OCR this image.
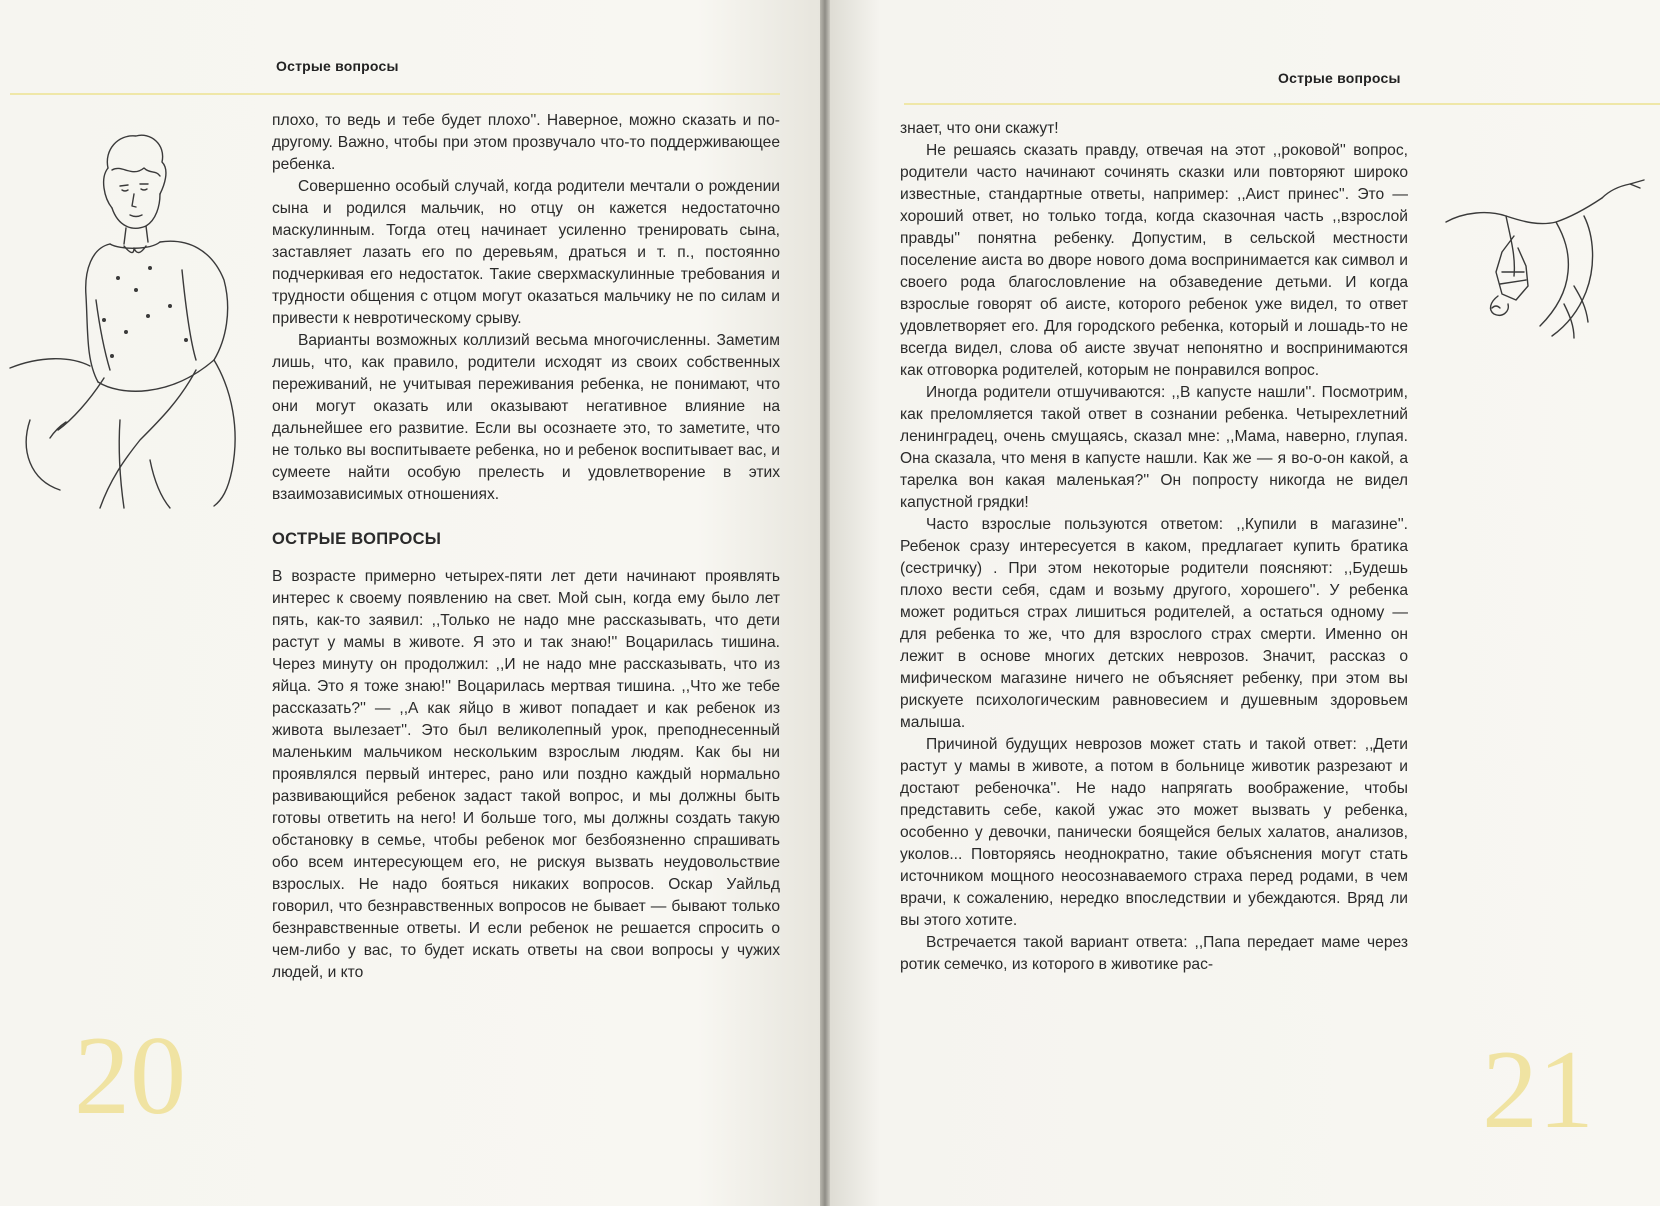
Острые вопросы

плохо, то ведь и тебе будет плохо''. Наверное, можно сказать и по-другому. Важно, чтобы при этом прозвучало что-то поддерживающее ребенка.

Совершенно особый случай, когда родители мечтали о рождении сына и родился мальчик, но отцу он кажется недостаточно маскулинным. Тогда отец начинает усиленно тренировать сына, заставляет лазать его по деревьям, драться и т. п., постоянно подчеркивая его недостаток. Такие сверхмаскулинные требования и трудности общения с отцом могут оказаться мальчику не по силам и привести к невротическому срыву.

Варианты возможных коллизий весьма многочисленны. Заметим лишь, что, как правило, родители исходят из своих собственных переживаний, не учитывая переживания ребенка, не понимают, что они могут оказать или оказывают негативное влияние на дальнейшее его развитие. Если вы осознаете это, то заметите, что не только вы воспитываете ребенка, но и ребенок воспитывает вас, и сумеете найти особую прелесть и удовлетворение в этих взаимозависимых отношениях.

ОСТРЫЕ ВОПРОСЫ

В возрасте примерно четырех-пяти лет дети начинают проявлять интерес к своему появлению на свет. Мой сын, когда ему было лет пять, как-то заявил: ,,Только не надо мне рассказывать, что дети растут у мамы в животе. Я это и так знаю!'' Воцарилась тишина. Через минуту он продолжил: ,,И не надо мне рассказывать, что из яйца. Это я тоже знаю!'' Воцарилась мертвая тишина. ,,Что же тебе рассказать?'' — ,,А как яйцо в живот попадает и как ребенок из живота вылезает''. Это был великолепный урок, преподнесенный маленьким мальчиком нескольким взрослым людям. Как бы ни проявлялся первый интерес, рано или поздно каждый нормально развивающийся ребенок задаст такой вопрос, и мы должны быть готовы ответить на него! И больше того, мы должны создать такую обстановку в семье, чтобы ребенок мог безбоязненно спрашивать обо всем интересующем его, не рискуя вызвать неудовольствие взрослых. Не надо бояться никаких вопросов. Оскар Уайльд говорил, что безнравственных вопросов не бывает — бывают только безнравственные ответы. И если ребенок не решается спросить о чем-либо у вас, то будет искать ответы на свои вопросы у чужих людей, и кто

20
Острые вопросы

знает, что они скажут!

Не решаясь сказать правду, отвечая на этот ,,роковой'' вопрос, родители часто начинают сочинять сказки или повторяют широко известные, стандартные ответы, например: ,,Аист принес''. Это — хороший ответ, но только тогда, когда сказочная часть ,,взрослой правды'' понятна ребенку. Допустим, в сельской местности поселение аиста во дворе нового дома воспринимается как символ и своего рода благословление на обзаведение детьми. И когда взрослые говорят об аисте, которого ребенок уже видел, то ответ удовлетворяет его. Для городского ребенка, который и лошадь-то не всегда видел, слова об аисте звучат непонятно и воспринимаются как отговорка родителей, которым не понравился вопрос.

Иногда родители отшучиваются: ,,В капусте нашли''. Посмотрим, как преломляется такой ответ в сознании ребенка. Четырехлетний ленинградец, очень смущаясь, сказал мне: ,,Мама, наверно, глупая. Она сказала, что меня в капусте нашли. Как же — я во-о-он какой, а тарелка вон какая маленькая?'' Он попросту никогда не видел капустной грядки!

Часто взрослые пользуются ответом: ,,Купили в магазине''. Ребенок сразу интересуется в каком, предлагает купить братика (сестричку) . При этом некоторые родители поясняют: ,,Будешь плохо вести себя, сдам и возьму другого, хорошего''. У ребенка может родиться страх лишиться родителей, а остаться одному — для ребенка то же, что для взрослого страх смерти. Именно он лежит в основе многих детских неврозов. Значит, рассказ о мифическом магазине ничего не объясняет ребенку, при этом вы рискуете психологическим равновесием и душевным здоровьем малыша.

Причиной будущих неврозов может стать и такой ответ: ,,Дети растут у мамы в животе, а потом в больнице животик разрезают и достают ребеночка''. Не надо напрягать воображение, чтобы представить себе, какой ужас это может вызвать у ребенка, особенно у девочки, панически боящейся белых халатов, анализов, уколов... Повторяясь неоднократно, такие объяснения могут стать источником мощного неосознаваемого страха перед родами, в чем врачи, к сожалению, нередко впоследствии и убеждаются. Вряд ли вы этого хотите.

Встречается такой вариант ответа: ,,Папа передает маме через ротик семечко, из которого в животике рас-

21
